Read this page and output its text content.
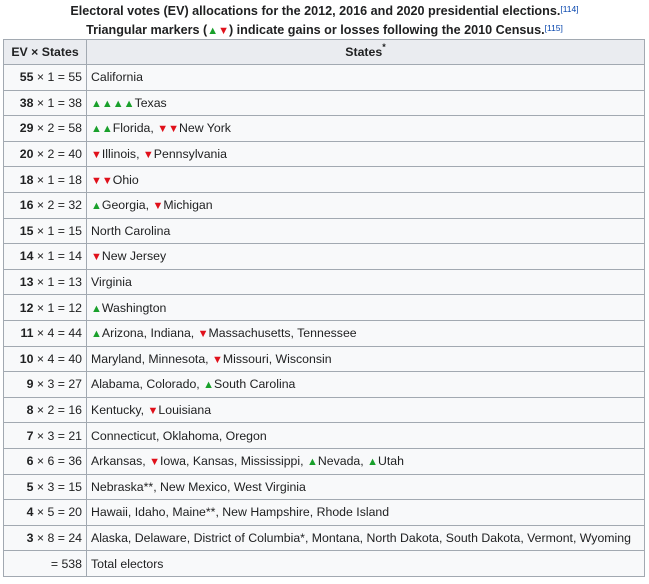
Electoral votes (EV) allocations for the 2012, 2016 and 2020 presidential elections.[114]
Triangular markers (▲▼) indicate gains or losses following the 2010 Census.[115]
EV × States	States*
55 × 1 = 55	California
38 × 1 = 38	▲▲▲▲Texas
29 × 2 = 58	▲▲Florida, ▼▼New York
20 × 2 = 40	▼Illinois, ▼Pennsylvania
18 × 1 = 18	▼▼Ohio
16 × 2 = 32	▲Georgia, ▼Michigan
15 × 1 = 15	North Carolina
14 × 1 = 14	▼New Jersey
13 × 1 = 13	Virginia
12 × 1 = 12	▲Washington
11 × 4 = 44	▲Arizona, Indiana, ▼Massachusetts, Tennessee
10 × 4 = 40	Maryland, Minnesota, ▼Missouri, Wisconsin
9 × 3 = 27	Alabama, Colorado, ▲South Carolina
8 × 2 = 16	Kentucky, ▼Louisiana
7 × 3 = 21	Connecticut, Oklahoma, Oregon
6 × 6 = 36	Arkansas, ▼Iowa, Kansas, Mississippi, ▲Nevada, ▲Utah
5 × 3 = 15	Nebraska**, New Mexico, West Virginia
4 × 5 = 20	Hawaii, Idaho, Maine**, New Hampshire, Rhode Island
3 × 8 = 24	Alaska, Delaware, District of Columbia*, Montana, North Dakota, South Dakota, Vermont, Wyoming
= 538	Total electors
